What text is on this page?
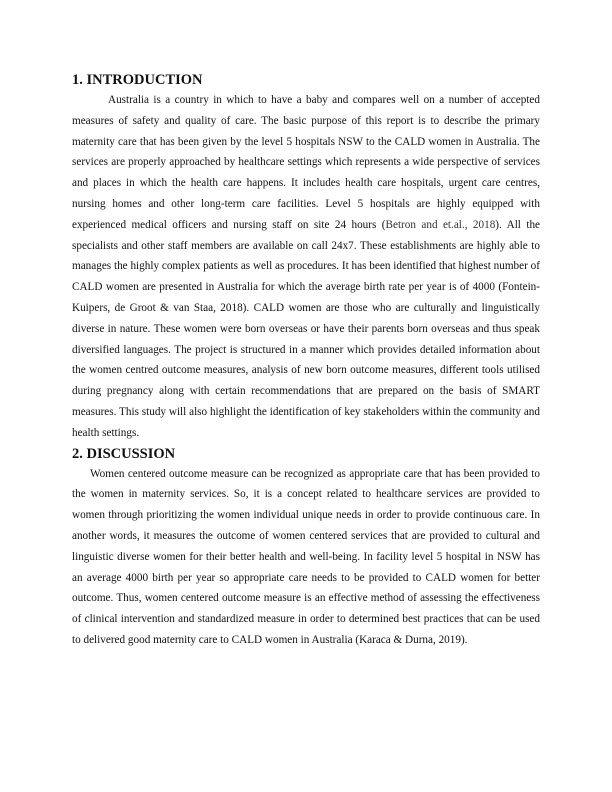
1. INTRODUCTION

Australia is a country in which to have a baby and compares well on a number of accepted measures of safety and quality of care. The basic purpose of this report is to describe the primary maternity care that has been given by the level 5 hospitals NSW to the CALD women in Australia. The services are properly approached by healthcare settings which represents a wide perspective of services and places in which the health care happens. It includes health care hospitals, urgent care centres, nursing homes and other long-term care facilities. Level 5 hospitals are highly equipped with experienced medical officers and nursing staff on site 24 hours (Betron and et.al., 2018). All the specialists and other staff members are available on call 24x7. These establishments are highly able to manages the highly complex patients as well as procedures. It has been identified that highest number of CALD women are presented in Australia for which the average birth rate per year is of 4000 (Fontein-Kuipers, de Groot & van Staa, 2018). CALD women are those who are culturally and linguistically diverse in nature. These women were born overseas or have their parents born overseas and thus speak diversified languages. The project is structured in a manner which provides detailed information about the women centred outcome measures, analysis of new born outcome measures, different tools utilised during pregnancy along with certain recommendations that are prepared on the basis of SMART measures. This study will also highlight the identification of key stakeholders within the community and health settings.

2. DISCUSSION

Women centered outcome measure can be recognized as appropriate care that has been provided to the women in maternity services. So, it is a concept related to healthcare services are provided to women through prioritizing the women individual unique needs in order to provide continuous care. In another words, it measures the outcome of women centered services that are provided to cultural and linguistic diverse women for their better health and well-being. In facility level 5 hospital in NSW has an average 4000 birth per year so appropriate care needs to be provided to CALD women for better outcome. Thus, women centered outcome measure is an effective method of assessing the effectiveness of clinical intervention and standardized measure in order to determined best practices that can be used to delivered good maternity care to CALD women in Australia (Karaca & Durna, 2019).
